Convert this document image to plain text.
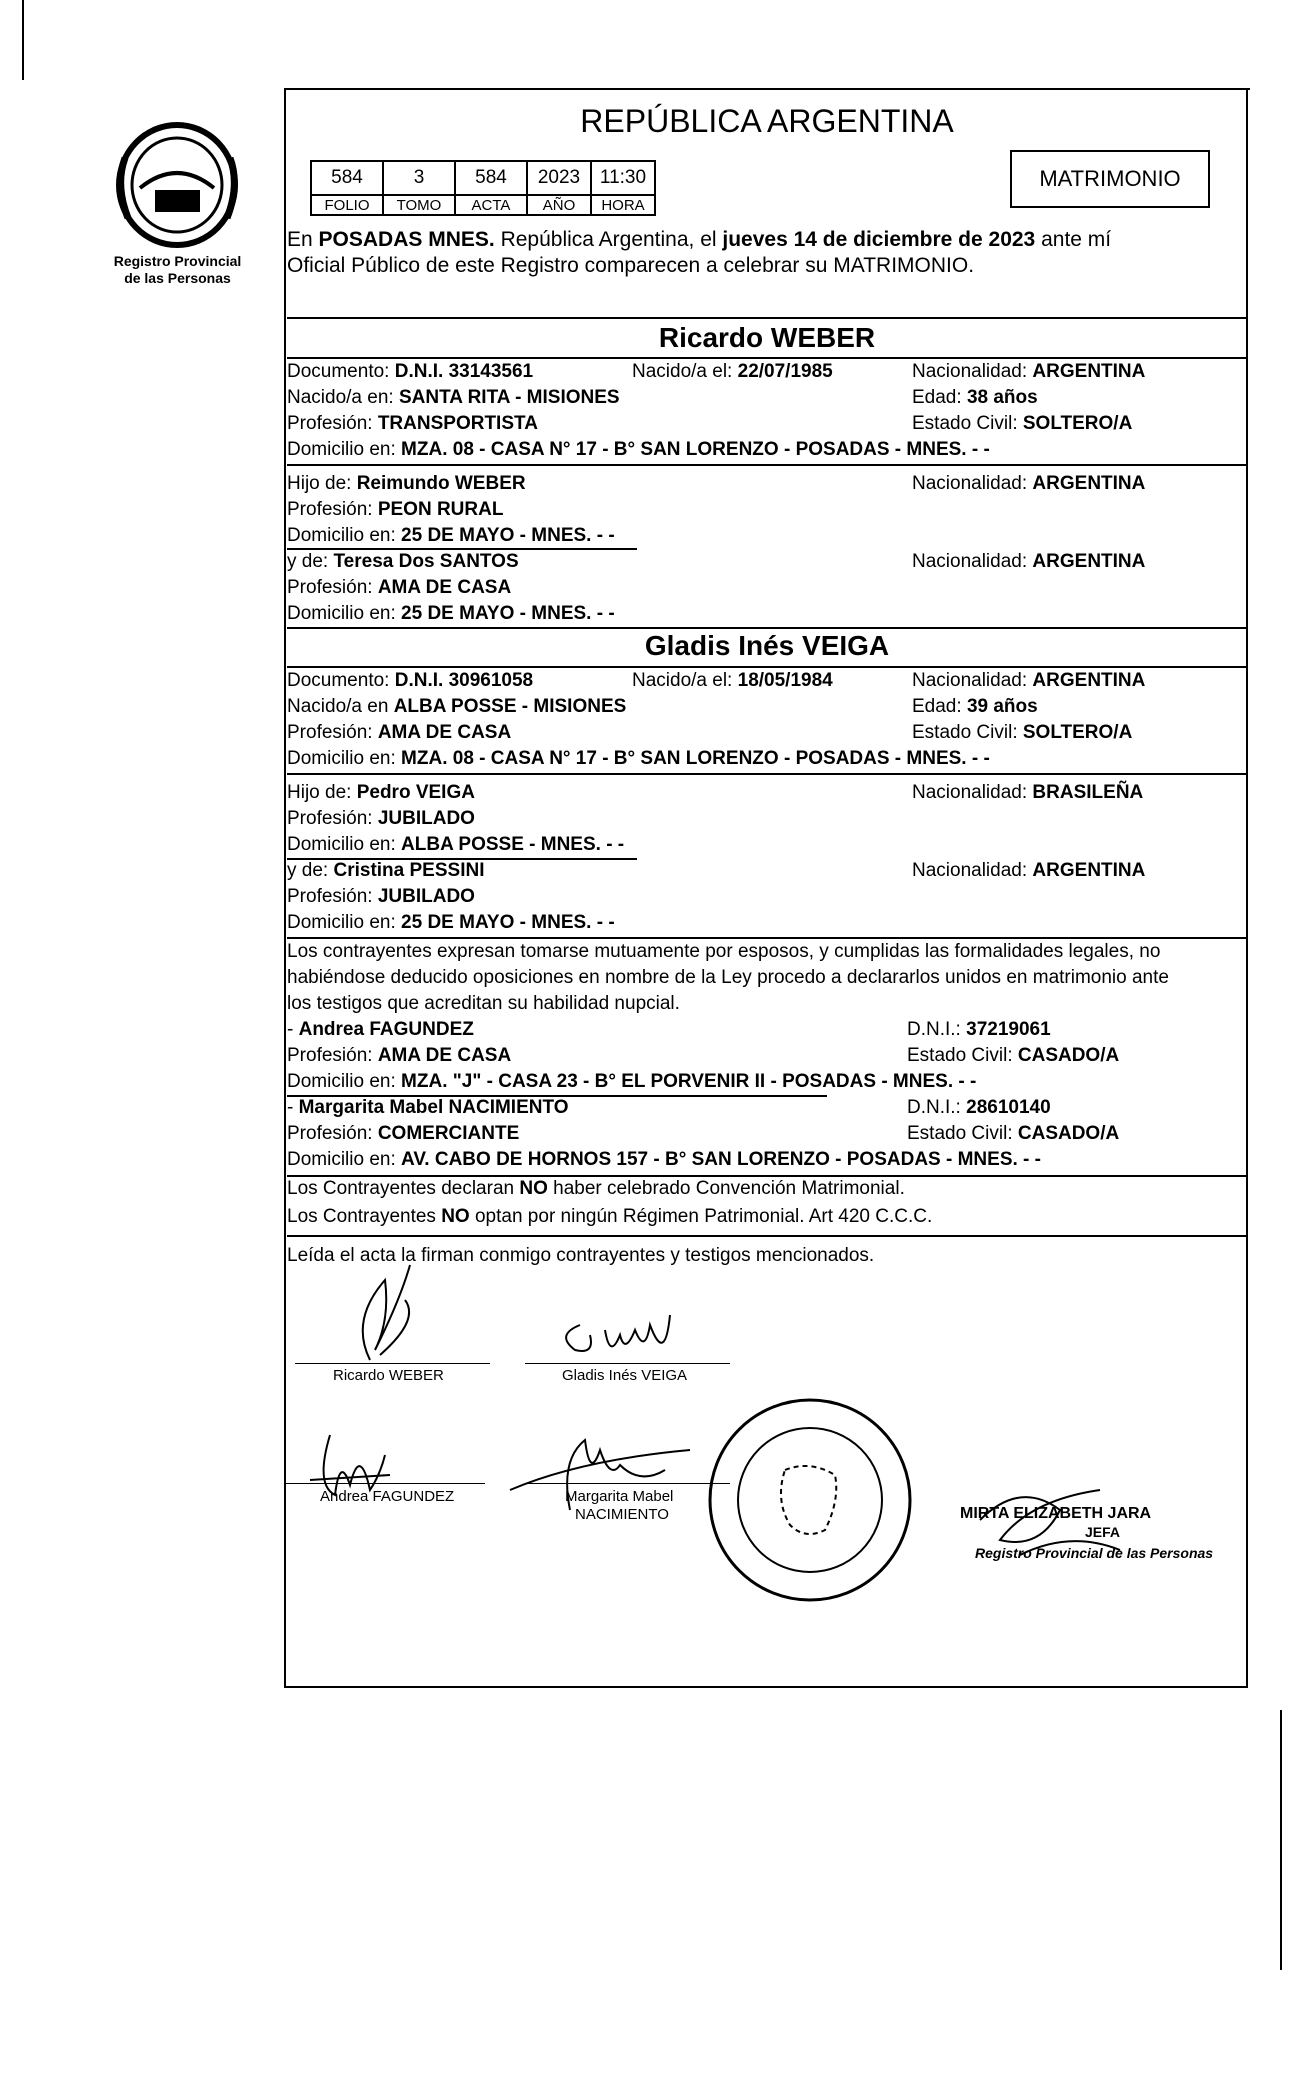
Registro Provincial
de las Personas
REPÚBLICA ARGENTINA
584	3	584	2023	11:30
FOLIO	TOMO	ACTA	AÑO	HORA
MATRIMONIO
En POSADAS MNES. República Argentina, el jueves 14 de diciembre de 2023 ante mí
Oficial Público de este Registro comparecen a celebrar su MATRIMONIO.
Ricardo WEBER
Documento: D.N.I. 33143561	Nacido/a el: 22/07/1985	Nacionalidad: ARGENTINA
Nacido/a en: SANTA RITA - MISIONES	Edad: 38 años
Profesión: TRANSPORTISTA	Estado Civil: SOLTERO/A
Domicilio en: MZA. 08 - CASA N° 17 - B° SAN LORENZO - POSADAS - MNES. - -
Hijo de: Reimundo WEBER	Nacionalidad: ARGENTINA
Profesión: PEON RURAL
Domicilio en: 25 DE MAYO - MNES. - -
y de: Teresa Dos SANTOS	Nacionalidad: ARGENTINA
Profesión: AMA DE CASA
Domicilio en: 25 DE MAYO - MNES. - -
Gladis Inés VEIGA
Documento: D.N.I. 30961058	Nacido/a el: 18/05/1984	Nacionalidad: ARGENTINA
Nacido/a en ALBA POSSE - MISIONES	Edad: 39 años
Profesión: AMA DE CASA	Estado Civil: SOLTERO/A
Domicilio en: MZA. 08 - CASA N° 17 - B° SAN LORENZO - POSADAS - MNES. - -
Hijo de: Pedro VEIGA	Nacionalidad: BRASILEÑA
Profesión: JUBILADO
Domicilio en: ALBA POSSE - MNES. - -
y de: Cristina PESSINI	Nacionalidad: ARGENTINA
Profesión: JUBILADO
Domicilio en: 25 DE MAYO - MNES. - -
Los contrayentes expresan tomarse mutuamente por esposos, y cumplidas las formalidades legales, no
habiéndose deducido oposiciones en nombre de la Ley procedo a declararlos unidos en matrimonio ante
los testigos que acreditan su habilidad nupcial.
- Andrea FAGUNDEZ	D.N.I.: 37219061
Profesión: AMA DE CASA	Estado Civil: CASADO/A
Domicilio en: MZA. "J" - CASA 23 - B° EL PORVENIR II - POSADAS - MNES. - -
- Margarita Mabel NACIMIENTO	D.N.I.: 28610140
Profesión: COMERCIANTE	Estado Civil: CASADO/A
Domicilio en: AV. CABO DE HORNOS 157 - B° SAN LORENZO - POSADAS - MNES. - -
Los Contrayentes declaran NO haber celebrado Convención Matrimonial.
Los Contrayentes NO optan por ningún Régimen Patrimonial. Art 420 C.C.C.
Leída el acta la firman conmigo contrayentes y testigos mencionados.
Ricardo WEBER	Gladis Inés VEIGA
Andrea FAGUNDEZ	Margarita Mabel
NACIMIENTO	MIRTA ELIZABETH JARA
JEFA
Registro Provincial de las Personas
